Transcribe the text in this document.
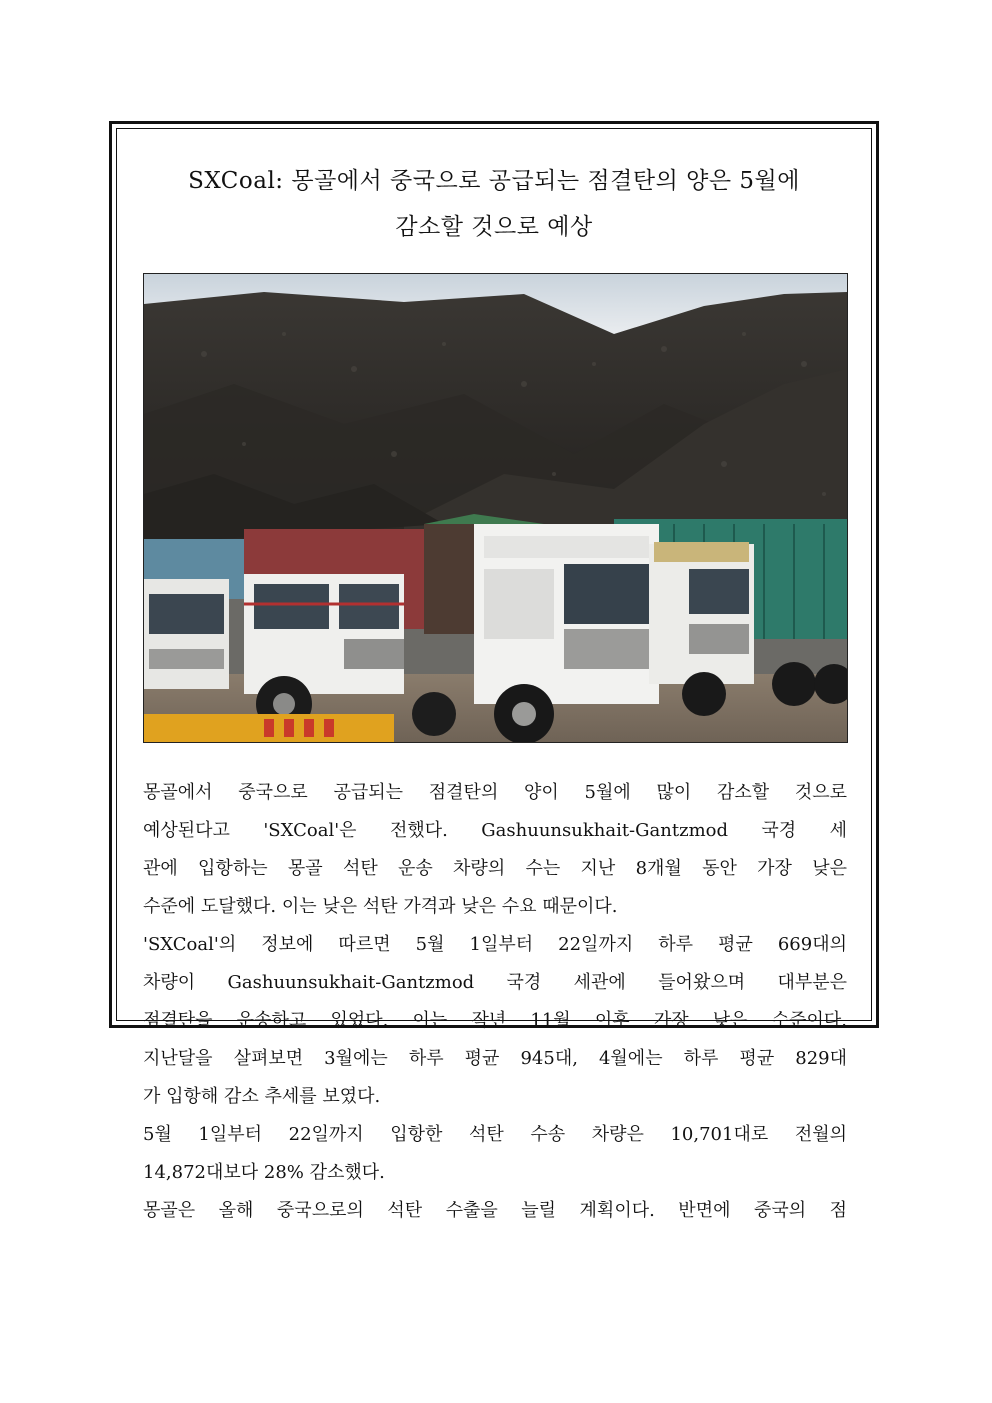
SXCoal: 몽골에서 중국으로 공급되는 점결탄의 양은 5월에
감소할 것으로 예상

몽골에서 중국으로 공급되는 점결탄의 양이 5월에 많이 감소할 것으로

예상된다고 'SXCoal'은 전했다. Gashuunsukhait-Gantzmod 국경 세

관에 입항하는 몽골 석탄 운송 차량의 수는 지난 8개월 동안 가장 낮은

수준에 도달했다. 이는 낮은 석탄 가격과 낮은 수요 때문이다.

'SXCoal'의 정보에 따르면 5월 1일부터 22일까지 하루 평균 669대의

차량이 Gashuunsukhait-Gantzmod 국경 세관에 들어왔으며 대부분은

점결탄을 운송하고 있었다. 이는 작년 11월 이후 가장 낮은 수준이다.

지난달을 살펴보면 3월에는 하루 평균 945대, 4월에는 하루 평균 829대

가 입항해 감소 추세를 보였다.

5월 1일부터 22일까지 입항한 석탄 수송 차량은 10,701대로 전월의

14,872대보다 28% 감소했다.

몽골은 올해 중국으로의 석탄 수출을 늘릴 계획이다. 반면에 중국의 점
